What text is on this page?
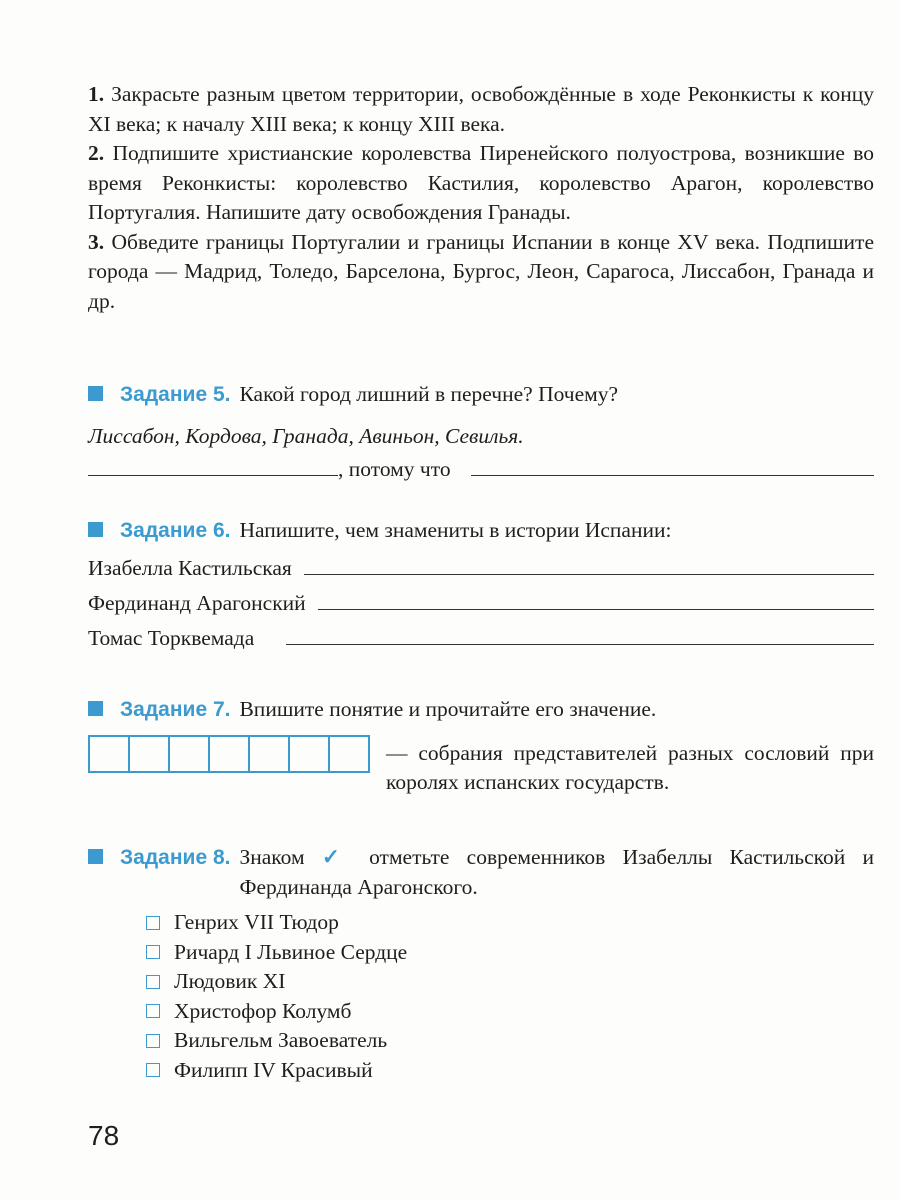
1. Закрасьте разным цветом территории, освобождённые в ходе Реконкисты к концу XI века; к началу XIII века; к концу XIII века.
2. Подпишите христианские королевства Пиренейского полуострова, возникшие во время Реконкисты: королевство Кастилия, королевство Арагон, королевство Португалия. Напишите дату освобождения Гранады.
3. Обведите границы Португалии и границы Испании в конце XV века. Подпишите города — Мадрид, Толедо, Барселона, Бургос, Леон, Сарагоса, Лиссабон, Гранада и др.
Задание 5. Какой город лишний в перечне? Почему?
Лиссабон, Кордова, Гранада, Авиньон, Севилья.
, потому что
Задание 6. Напишите, чем знамениты в истории Испании:
Изабелла Кастильская
Фердинанд Арагонский
Томас Торквемада
Задание 7. Впишите понятие и прочитайте его значение.
— собрания представителей разных сословий при королях испанских государств.
Задание 8. Знаком ✓ отметьте современников Изабеллы Кастильской и Фердинанда Арагонского.
Генрих VII Тюдор
Ричард I Львиное Сердце
Людовик XI
Христофор Колумб
Вильгельм Завоеватель
Филипп IV Красивый
78
